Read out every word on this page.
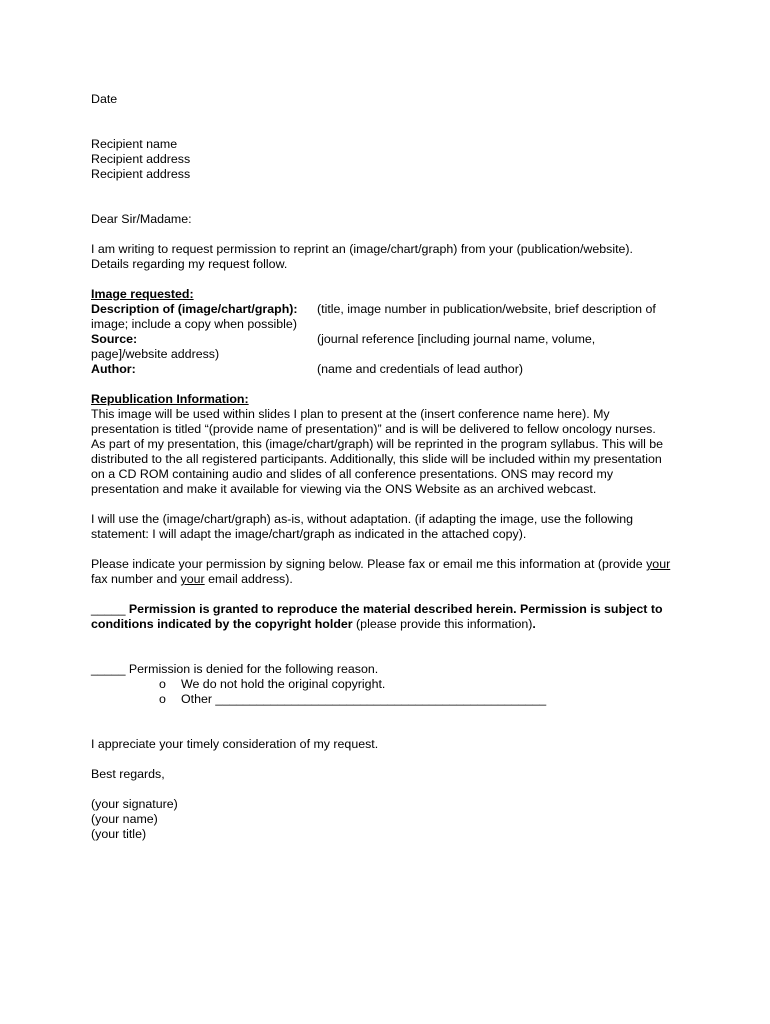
Date
Recipient name
Recipient address
Recipient address
Dear Sir/Madame:
I am writing to request permission to reprint an (image/chart/graph) from your (publication/website).
Details regarding my request follow.
Image requested:
Description of (image/chart/graph): (title, image number in publication/website, brief description of
image; include a copy when possible)
Source:	(journal reference [including journal name, volume,
page]/website address)
Author:	(name and credentials of lead author)
Republication Information:
This image will be used within slides I plan to present at the (insert conference name here). My
presentation is titled “(provide name of presentation)” and is will be delivered to fellow oncology nurses.
As part of my presentation, this (image/chart/graph) will be reprinted in the program syllabus. This will be
distributed to the all registered participants. Additionally, this slide will be included within my presentation
on a CD ROM containing audio and slides of all conference presentations. ONS may record my
presentation and make it available for viewing via the ONS Website as an archived webcast.
I will use the (image/chart/graph) as-is, without adaptation. (if adapting the image, use the following
statement: I will adapt the image/chart/graph as indicated in the attached copy).
Please indicate your permission by signing below. Please fax or email me this information at (provide your
fax number and your email address).
_____ Permission is granted to reproduce the material described herein. Permission is subject to
conditions indicated by the copyright holder (please provide this information).
_____ Permission is denied for the following reason.
o We do not hold the original copyright.
o Other ________________________________________________
I appreciate your timely consideration of my request.
Best regards,
(your signature)
(your name)
(your title)
